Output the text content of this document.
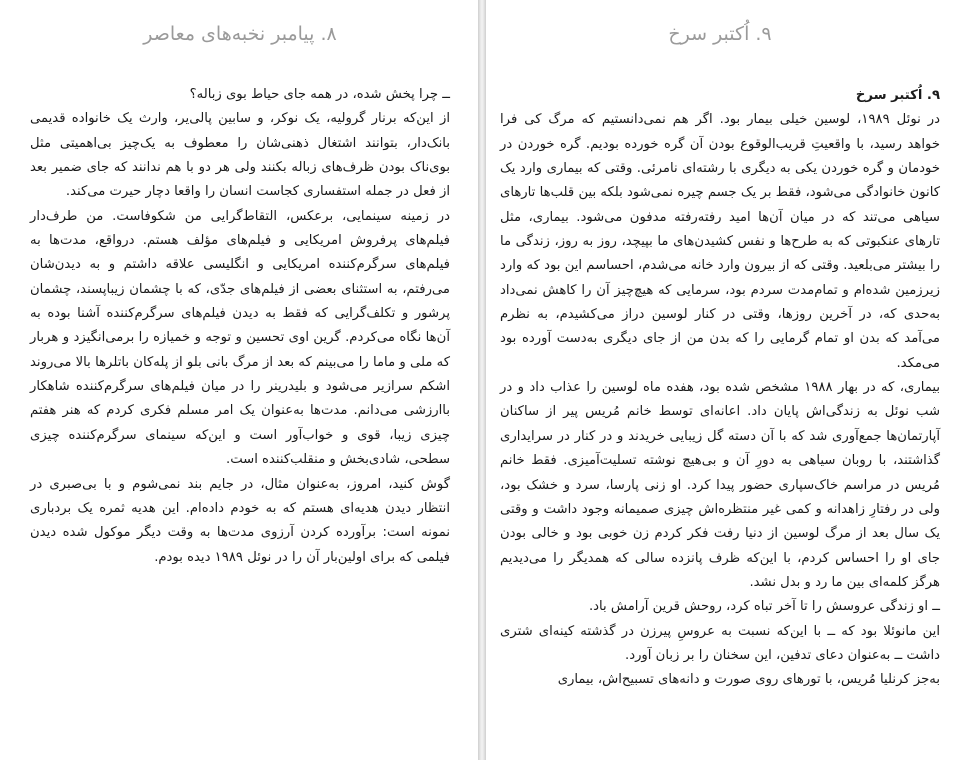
۸. پیامبر نخبه‌های معاصر

ــ چرا پخش شده، در همه جای حیاط بوی زباله؟

از این‌که برنار گرولیه، یک نوکر، و سابین پالی‌یر، وارث یک خانواده قدیمی بانک‌دار، بتوانند اشتغال ذهنی‌شان را معطوف به یک‌چیز بی‌اهمیتی مثل بوی‌ناک بودن ظرف‌های زباله بکنند ولی هر دو با هم ندانند که جای ضمیر بعد از فعل در جمله استفساری کجاست انسان را واقعا دچار حیرت می‌کند.

در زمینه سینمایی، برعکس، التقاط‌گرایی من شکوفاست. من طرف‌دار فیلم‌های پرفروش امریکایی و فیلم‌های مؤلف هستم. درواقع، مدت‌ها به فیلم‌های سرگرم‌کننده امریکایی و انگلیسی علاقه داشتم و به دیدن‌شان می‌رفتم، به استثنای بعضی از فیلم‌های جدّی، که با چشمان زیباپسند، چشمان پرشور و تکلف‌گرایی که فقط به دیدن فیلم‌های سرگرم‌کننده آشنا بوده به آن‌ها نگاه می‌کردم. گرین اوی تحسین و توجه و خمیازه را برمی‌انگیزد و هربار که ملی و ماما را می‌بینم که بعد از مرگ بانی بلو از پله‌کان باتلرها بالا می‌روند اشکم سرازیر می‌شود و بلیدرینر را در میان فیلم‌های سرگرم‌کننده شاهکار باارزشی می‌دانم. مدت‌ها به‌عنوان یک امر مسلم فکری کردم که هنر هفتم چیزی زیبا، قوی و خواب‌آور است و این‌که سینمای سرگرم‌کننده چیزی سطحی، شادی‌بخش و منقلب‌کننده است.

گوش کنید، امروز، به‌عنوان مثال، در جایم بند نمی‌شوم و با بی‌صبری در انتظار دیدن هدیه‌ای هستم که به خودم داده‌ام. این هدیه ثمره یک بردباری نمونه است: برآورده کردن آرزوی مدت‌ها به وقت دیگر موکول شده دیدن فیلمی که برای اولین‌بار آن را در نوئل ۱۹۸۹ دیده بودم.

۹. اُکتبر سرخ

۹. اُکتبر سرخ

در نوئل ۱۹۸۹، لوسین خیلی بیمار بود. اگر هم نمی‌دانستیم که مرگ کی فرا خواهد رسید، با واقعیتِ قریب‌الوقوع بودن آن گره خورده بودیم. گره خوردن در خودمان و گره خوردن یکی به دیگری با رشته‌ای نامرئی. وقتی که بیماری وارد یک کانون خانوادگی می‌شود، فقط بر یک جسم چیره نمی‌شود بلکه بین قلب‌ها تارهای سیاهی می‌تند که در میان آن‌ها امید رفته‌رفته مدفون می‌شود. بیماری، مثل تارهای عنکبوتی که به طرح‌ها و نفس کشیدن‌های ما بپیچد، روز به روز، زندگی ما را بیشتر می‌بلعید. وقتی که از بیرون وارد خانه می‌شدم، احساسم این بود که وارد زیرزمین شده‌ام و تمام‌مدت سردم بود، سرمایی که هیچ‌چیز آن را کاهش نمی‌داد به‌حدی که، در آخرین روزها، وقتی در کنار لوسین دراز می‌کشیدم، به نظرم می‌آمد که بدن او تمام گرمایی را که بدن من از جای دیگری به‌دست آورده بود می‌مکد.

بیماری، که در بهار ۱۹۸۸ مشخص شده بود، هفده ماه لوسین را عذاب داد و در شب نوئل به زندگی‌اش پایان داد. اعانه‌ای توسط خانم مُریس پیر از ساکنان آپارتمان‌ها جمع‌آوری شد که با آن دسته گل زیبایی خریدند و در کنار در سرایداری گذاشتند، با روبان سیاهی به دورِ آن و بی‌هیچ نوشته تسلیت‌آمیزی. فقط خانم مُریس در مراسم خاک‌سپاری حضور پیدا کرد. او زنی پارسا، سرد و خشک بود، ولی در رفتارِ زاهدانه و کمی غیر منتظره‌اش چیزی صمیمانه وجود داشت و وقتی یک سال بعد از مرگ لوسین از دنیا رفت فکر کردم زن خوبی بود و خالی بودن جای او را احساس کردم، با این‌که ظرف پانزده سالی که همدیگر را می‌دیدیم هرگز کلمه‌ای بین ما رد و بدل نشد.

ــ او زندگی عروسش را تا آخر تباه کرد، روحش قرین آرامش باد.

این مانوئلا بود که ــ با این‌که نسبت به عروسِ پیرزن در گذشته کینه‌ای شتری داشت ــ به‌عنوان دعای تدفین، این سخنان را بر زبان آورد.

به‌جز کرنلیا مُریس، با تورهای روی صورت و دانه‌های تسبیح‌اش، بیماری
